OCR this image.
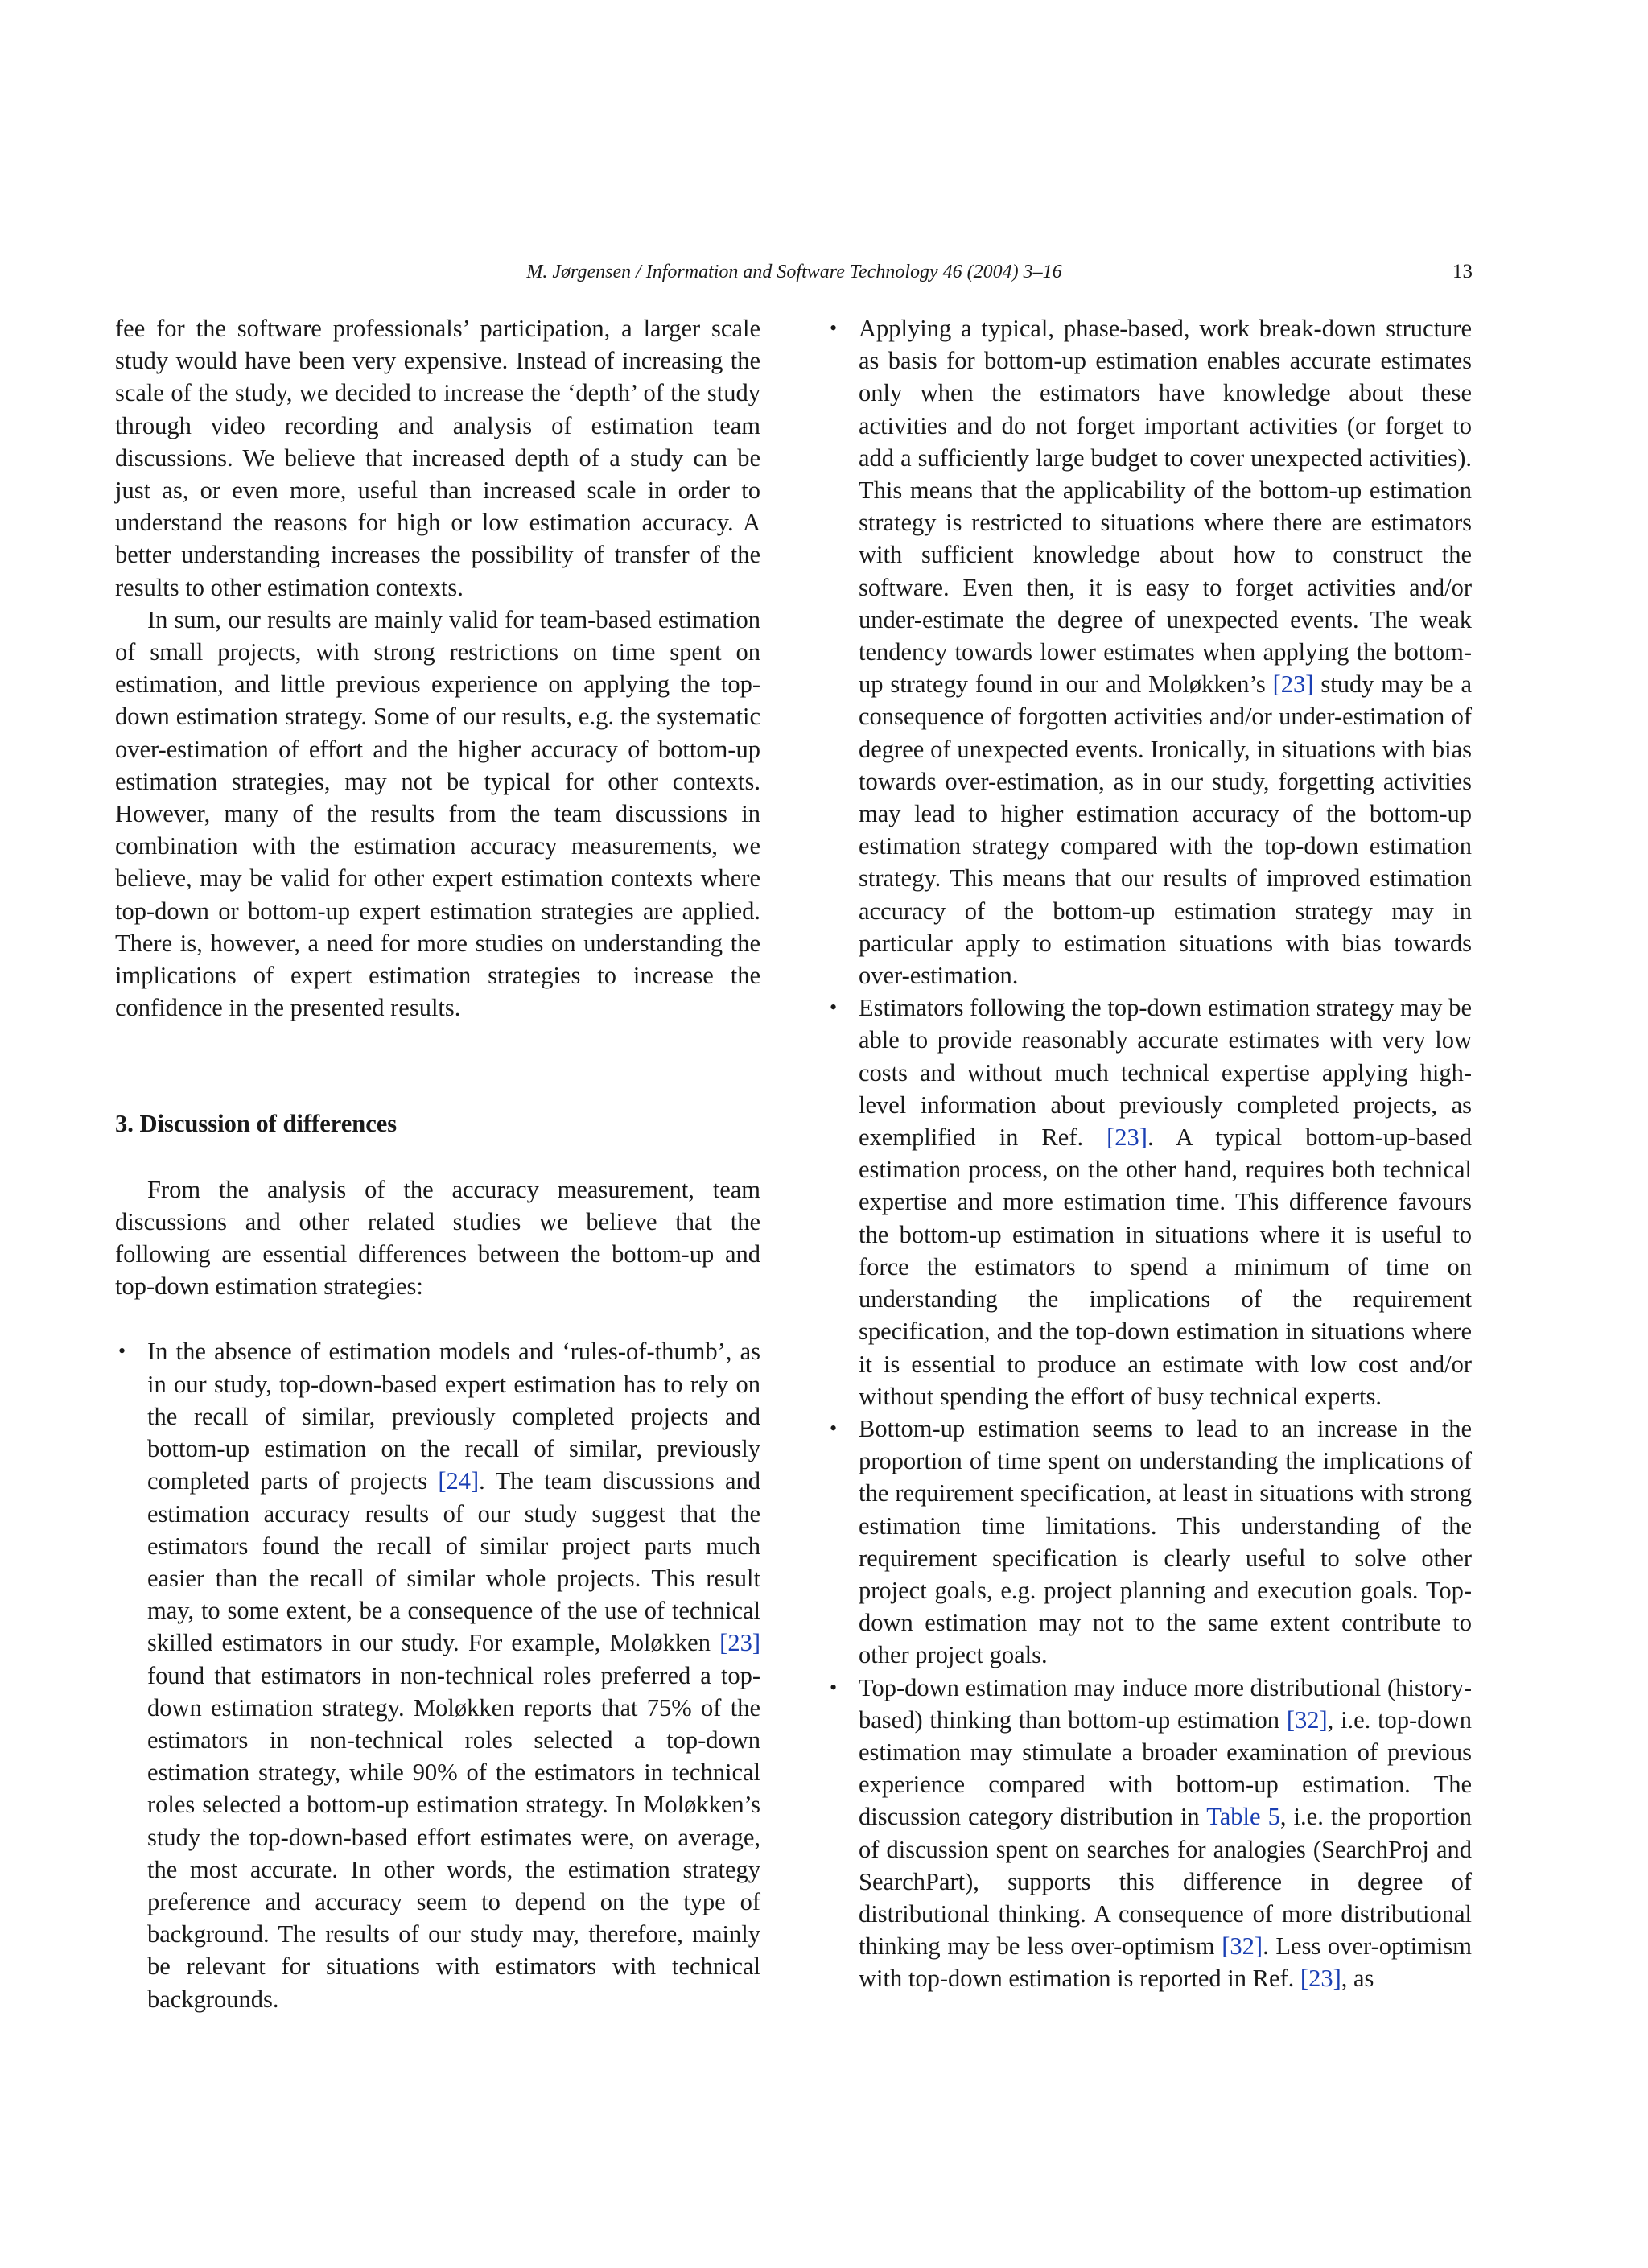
M. Jørgensen / Information and Software Technology 46 (2004) 3–16	13

fee for the software professionals’ participation, a larger scale study would have been very expensive. Instead of increasing the scale of the study, we decided to increase the ‘depth’ of the study through video recording and analysis of estimation team discussions. We believe that increased depth of a study can be just as, or even more, useful than increased scale in order to understand the reasons for high or low estimation accuracy. A better understanding increases the possibility of transfer of the results to other estimation contexts.

In sum, our results are mainly valid for team-based estimation of small projects, with strong restrictions on time spent on estimation, and little previous experience on applying the top-down estimation strategy. Some of our results, e.g. the systematic over-estimation of effort and the higher accuracy of bottom-up estimation strategies, may not be typical for other contexts. However, many of the results from the team discussions in combination with the estimation accuracy measurements, we believe, may be valid for other expert estimation contexts where top-down or bottom-up expert estimation strategies are applied. There is, however, a need for more studies on understanding the implications of expert estimation strategies to increase the confidence in the presented results.

3. Discussion of differences

From the analysis of the accuracy measurement, team discussions and other related studies we believe that the following are essential differences between the bottom-up and top-down estimation strategies:

• In the absence of estimation models and ‘rules-of-thumb’, as in our study, top-down-based expert estimation has to rely on the recall of similar, previously completed projects and bottom-up estimation on the recall of similar, previously completed parts of projects [24]. The team discussions and estimation accuracy results of our study suggest that the estimators found the recall of similar project parts much easier than the recall of similar whole projects. This result may, to some extent, be a consequence of the use of technical skilled estimators in our study. For example, Moløkken [23] found that estimators in non-technical roles preferred a top-down estimation strategy. Moløkken reports that 75% of the estimators in non-technical roles selected a top-down estimation strategy, while 90% of the estimators in technical roles selected a bottom-up estimation strategy. In Moløkken’s study the top-down-based effort estimates were, on average, the most accurate. In other words, the estimation strategy preference and accuracy seem to depend on the type of background. The results of our study may, therefore, mainly be relevant for situations with estimators with technical backgrounds.
• Applying a typical, phase-based, work break-down structure as basis for bottom-up estimation enables accurate estimates only when the estimators have knowledge about these activities and do not forget important activities (or forget to add a sufficiently large budget to cover unexpected activities). This means that the applicability of the bottom-up estimation strategy is restricted to situations where there are estimators with sufficient knowledge about how to construct the software. Even then, it is easy to forget activities and/or under-estimate the degree of unexpected events. The weak tendency towards lower estimates when applying the bottom-up strategy found in our and Moløkken’s [23] study may be a consequence of forgotten activities and/or under-estimation of degree of unexpected events. Ironically, in situations with bias towards over-estimation, as in our study, forgetting activities may lead to higher estimation accuracy of the bottom-up estimation strategy compared with the top-down estimation strategy. This means that our results of improved estimation accuracy of the bottom-up estimation strategy may in particular apply to estimation situations with bias towards over-estimation.
• Estimators following the top-down estimation strategy may be able to provide reasonably accurate estimates with very low costs and without much technical expertise applying high-level information about previously completed projects, as exemplified in Ref. [23]. A typical bottom-up-based estimation process, on the other hand, requires both technical expertise and more estimation time. This difference favours the bottom-up estimation in situations where it is useful to force the estimators to spend a minimum of time on understanding the implications of the requirement specification, and the top-down estimation in situations where it is essential to produce an estimate with low cost and/or without spending the effort of busy technical experts.
• Bottom-up estimation seems to lead to an increase in the proportion of time spent on understanding the implications of the requirement specification, at least in situations with strong estimation time limitations. This understanding of the requirement specification is clearly useful to solve other project goals, e.g. project planning and execution goals. Top-down estimation may not to the same extent contribute to other project goals.
• Top-down estimation may induce more distributional (history-based) thinking than bottom-up estimation [32], i.e. top-down estimation may stimulate a broader examination of previous experience compared with bottom-up estimation. The discussion category distribution in Table 5, i.e. the proportion of discussion spent on searches for analogies (SearchProj and SearchPart), supports this difference in degree of distributional thinking. A consequence of more distributional thinking may be less over-optimism [32]. Less over-optimism with top-down estimation is reported in Ref. [23], as
